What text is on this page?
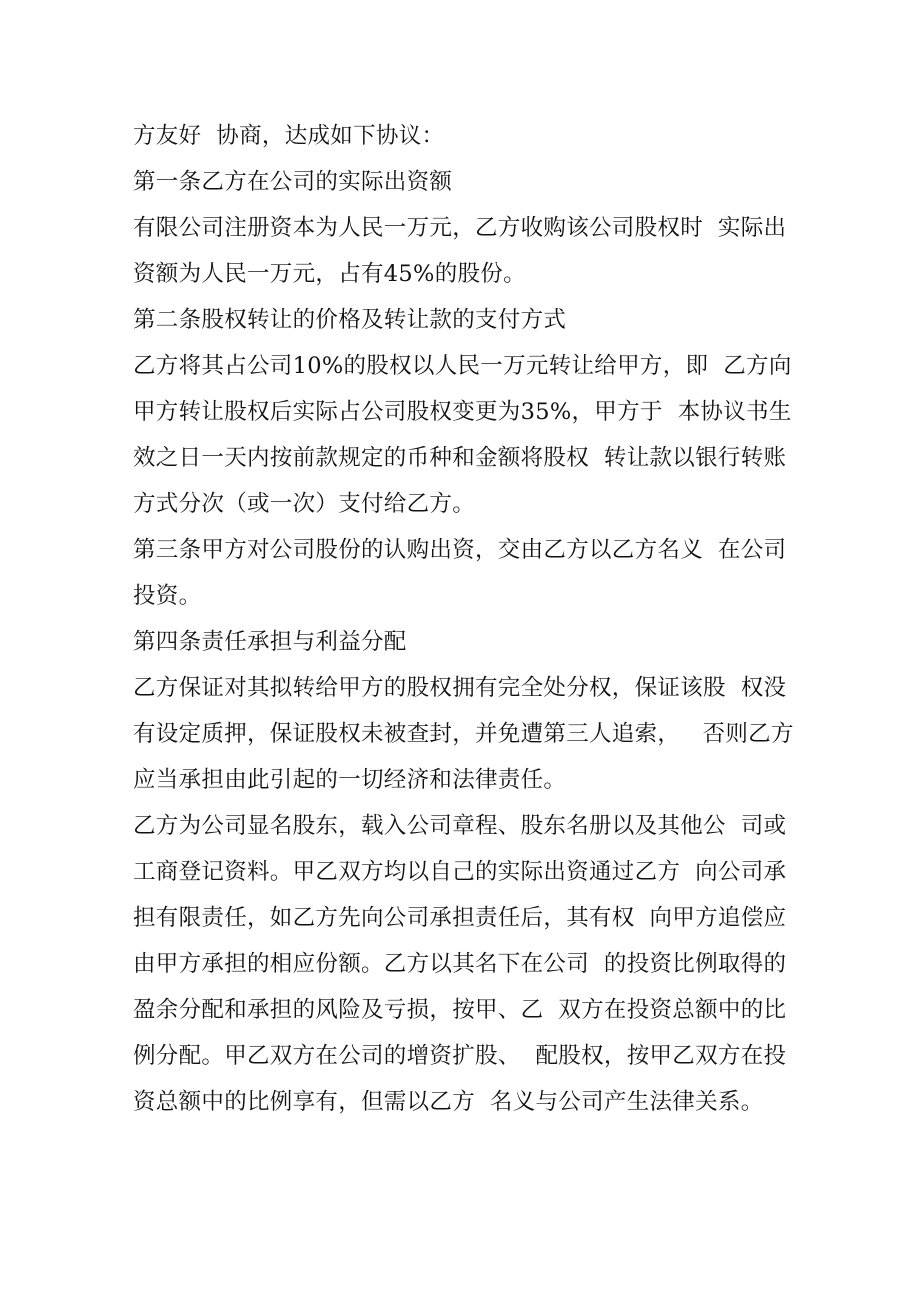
方友好  协商，达成如下协议：
第一条乙方在公司的实际出资额
有限公司注册资本为人民一万元，乙方收购该公司股权时  实际出
资额为人民一万元，占有45%的股份。
第二条股权转让的价格及转让款的支付方式
乙方将其占公司10%的股权以人民一万元转让给甲方，即  乙方向
甲方转让股权后实际占公司股权变更为35%，甲方于  本协议书生
效之日一天内按前款规定的币种和金额将股权  转让款以银行转账
方式分次（或一次）支付给乙方。
第三条甲方对公司股份的认购出资，交由乙方以乙方名义  在公司
投资。
第四条责任承担与利益分配
乙方保证对其拟转给甲方的股权拥有完全处分权，保证该股  权没
有设定质押，保证股权未被查封，并免遭第三人追索，   否则乙方
应当承担由此引起的一切经济和法律责任。
乙方为公司显名股东，载入公司章程、股东名册以及其他公  司或
工商登记资料。甲乙双方均以自己的实际出资通过乙方  向公司承
担有限责任，如乙方先向公司承担责任后，其有权  向甲方追偿应
由甲方承担的相应份额。乙方以其名下在公司  的投资比例取得的
盈余分配和承担的风险及亏损，按甲、乙  双方在投资总额中的比
例分配。甲乙双方在公司的增资扩股、  配股权，按甲乙双方在投
资总额中的比例享有，但需以乙方  名义与公司产生法律关系。
